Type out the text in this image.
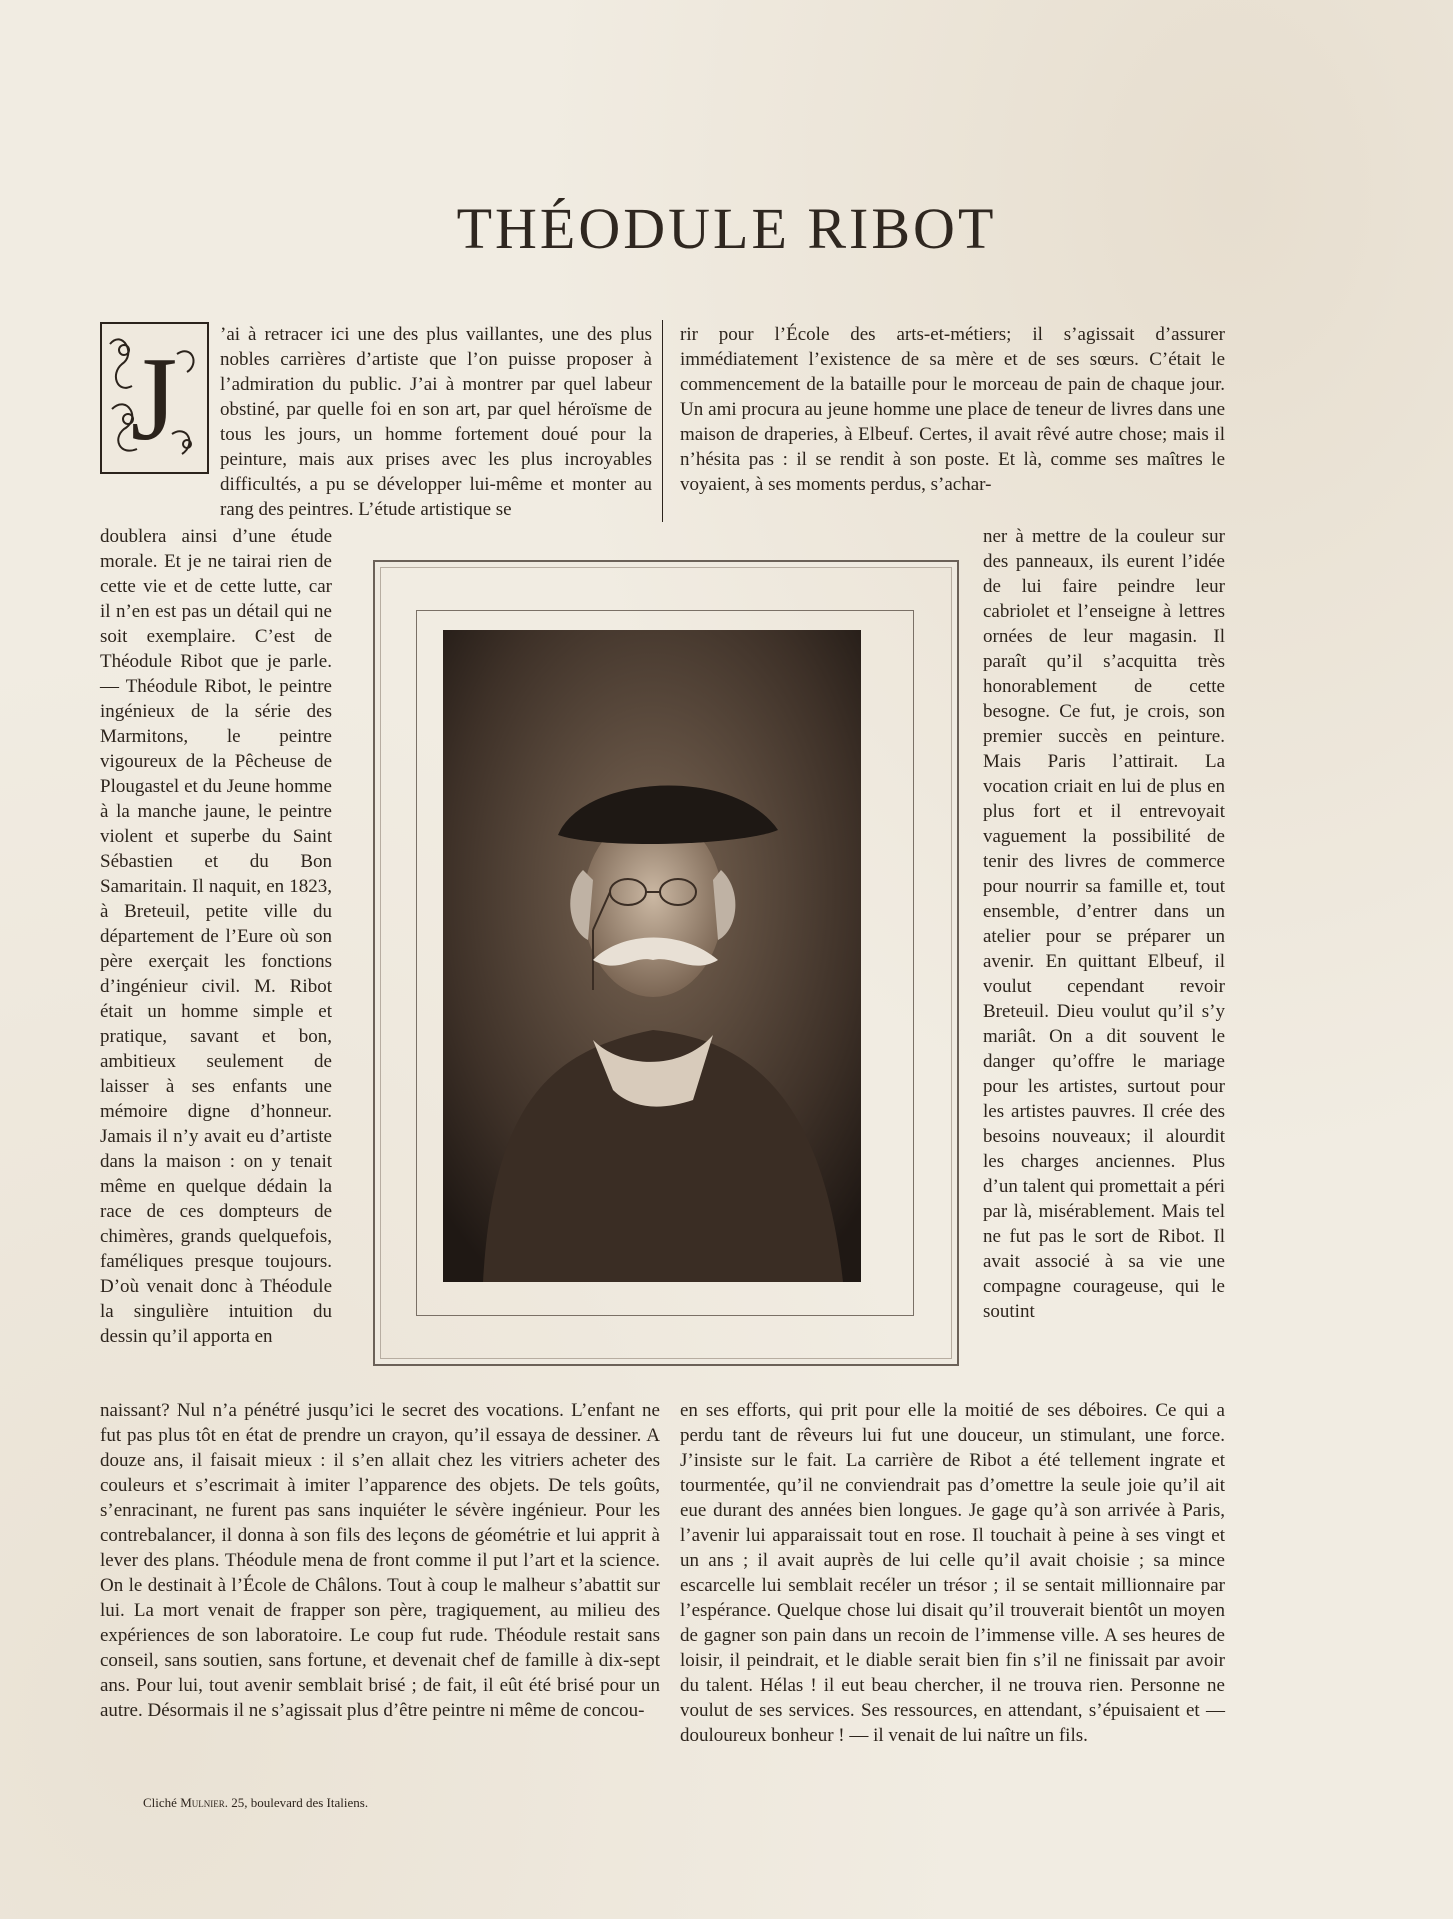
THÉODULE RIBOT
J ’ai à retracer ici une des plus vaillantes, une des plus nobles carrières d’artiste que l’on puisse proposer à l’admiration du public. J’ai à montrer par quel labeur obstiné, par quelle foi en son art, par quel héroïsme de tous les jours, un homme fortement doué pour la peinture, mais aux prises avec les plus incroyables difficultés, a pu se développer lui-même et monter au rang des peintres. L’étude artistique se

rir pour l’École des arts-et-métiers; il s’agissait d’assurer immédiatement l’existence de sa mère et de ses sœurs. C’était le commencement de la bataille pour le morceau de pain de chaque jour. Un ami procura au jeune homme une place de teneur de livres dans une maison de draperies, à Elbeuf. Certes, il avait rêvé autre chose; mais il n’hésita pas : il se rendit à son poste. Et là, comme ses maîtres le voyaient, à ses moments perdus, s’achar-

doublera ainsi d’une étude morale. Et je ne tairai rien de cette vie et de cette lutte, car il n’en est pas un détail qui ne soit exemplaire. C’est de Théodule Ribot que je parle. — Théodule Ribot, le peintre ingénieux de la série des Marmitons, le peintre vigoureux de la Pêcheuse de Plougastel et du Jeune homme à la manche jaune, le peintre violent et superbe du Saint Sébastien et du Bon Samaritain. Il naquit, en 1823, à Breteuil, petite ville du département de l’Eure où son père exerçait les fonctions d’ingénieur civil. M. Ribot était un homme simple et pratique, savant et bon, ambitieux seulement de laisser à ses enfants une mémoire digne d’honneur. Jamais il n’y avait eu d’artiste dans la maison : on y tenait même en quelque dédain la race de ces dompteurs de chimères, grands quelquefois, faméliques presque toujours. D’où venait donc à Théodule la singulière intuition du dessin qu’il apporta en

ner à mettre de la couleur sur des panneaux, ils eurent l’idée de lui faire peindre leur cabriolet et l’enseigne à lettres ornées de leur magasin. Il paraît qu’il s’acquitta très honorablement de cette besogne. Ce fut, je crois, son premier succès en peinture. Mais Paris l’attirait. La vocation criait en lui de plus en plus fort et il entrevoyait vaguement la possibilité de tenir des livres de commerce pour nourrir sa famille et, tout ensemble, d’entrer dans un atelier pour se préparer un avenir. En quittant Elbeuf, il voulut cependant revoir Breteuil. Dieu voulut qu’il s’y mariât. On a dit souvent le danger qu’offre le mariage pour les artistes, surtout pour les artistes pauvres. Il crée des besoins nouveaux; il alourdit les charges anciennes. Plus d’un talent qui promettait a péri par là, misérablement. Mais tel ne fut pas le sort de Ribot. Il avait associé à sa vie une compagne courageuse, qui le soutint

naissant? Nul n’a pénétré jusqu’ici le secret des vocations. L’enfant ne fut pas plus tôt en état de prendre un crayon, qu’il essaya de dessiner. A douze ans, il faisait mieux : il s’en allait chez les vitriers acheter des couleurs et s’escrimait à imiter l’apparence des objets. De tels goûts, s’enracinant, ne furent pas sans inquiéter le sévère ingénieur. Pour les contrebalancer, il donna à son fils des leçons de géométrie et lui apprit à lever des plans. Théodule mena de front comme il put l’art et la science. On le destinait à l’École de Châlons. Tout à coup le malheur s’abattit sur lui. La mort venait de frapper son père, tragiquement, au milieu des expériences de son laboratoire. Le coup fut rude. Théodule restait sans conseil, sans soutien, sans fortune, et devenait chef de famille à dix-sept ans. Pour lui, tout avenir semblait brisé ; de fait, il eût été brisé pour un autre. Désormais il ne s’agissait plus d’être peintre ni même de concou-

en ses efforts, qui prit pour elle la moitié de ses déboires. Ce qui a perdu tant de rêveurs lui fut une douceur, un stimulant, une force. J’insiste sur le fait. La carrière de Ribot a été tellement ingrate et tourmentée, qu’il ne conviendrait pas d’omettre la seule joie qu’il ait eue durant des années bien longues. Je gage qu’à son arrivée à Paris, l’avenir lui apparaissait tout en rose. Il touchait à peine à ses vingt et un ans ; il avait auprès de lui celle qu’il avait choisie ; sa mince escarcelle lui semblait recéler un trésor ; il se sentait millionnaire par l’espérance. Quelque chose lui disait qu’il trouverait bientôt un moyen de gagner son pain dans un recoin de l’immense ville. A ses heures de loisir, il peindrait, et le diable serait bien fin s’il ne finissait par avoir du talent. Hélas ! il eut beau chercher, il ne trouva rien. Personne ne voulut de ses services. Ses ressources, en attendant, s’épuisaient et — douloureux bonheur ! — il venait de lui naître un fils.

Cliché Mulnier. 25, boulevard des Italiens.
